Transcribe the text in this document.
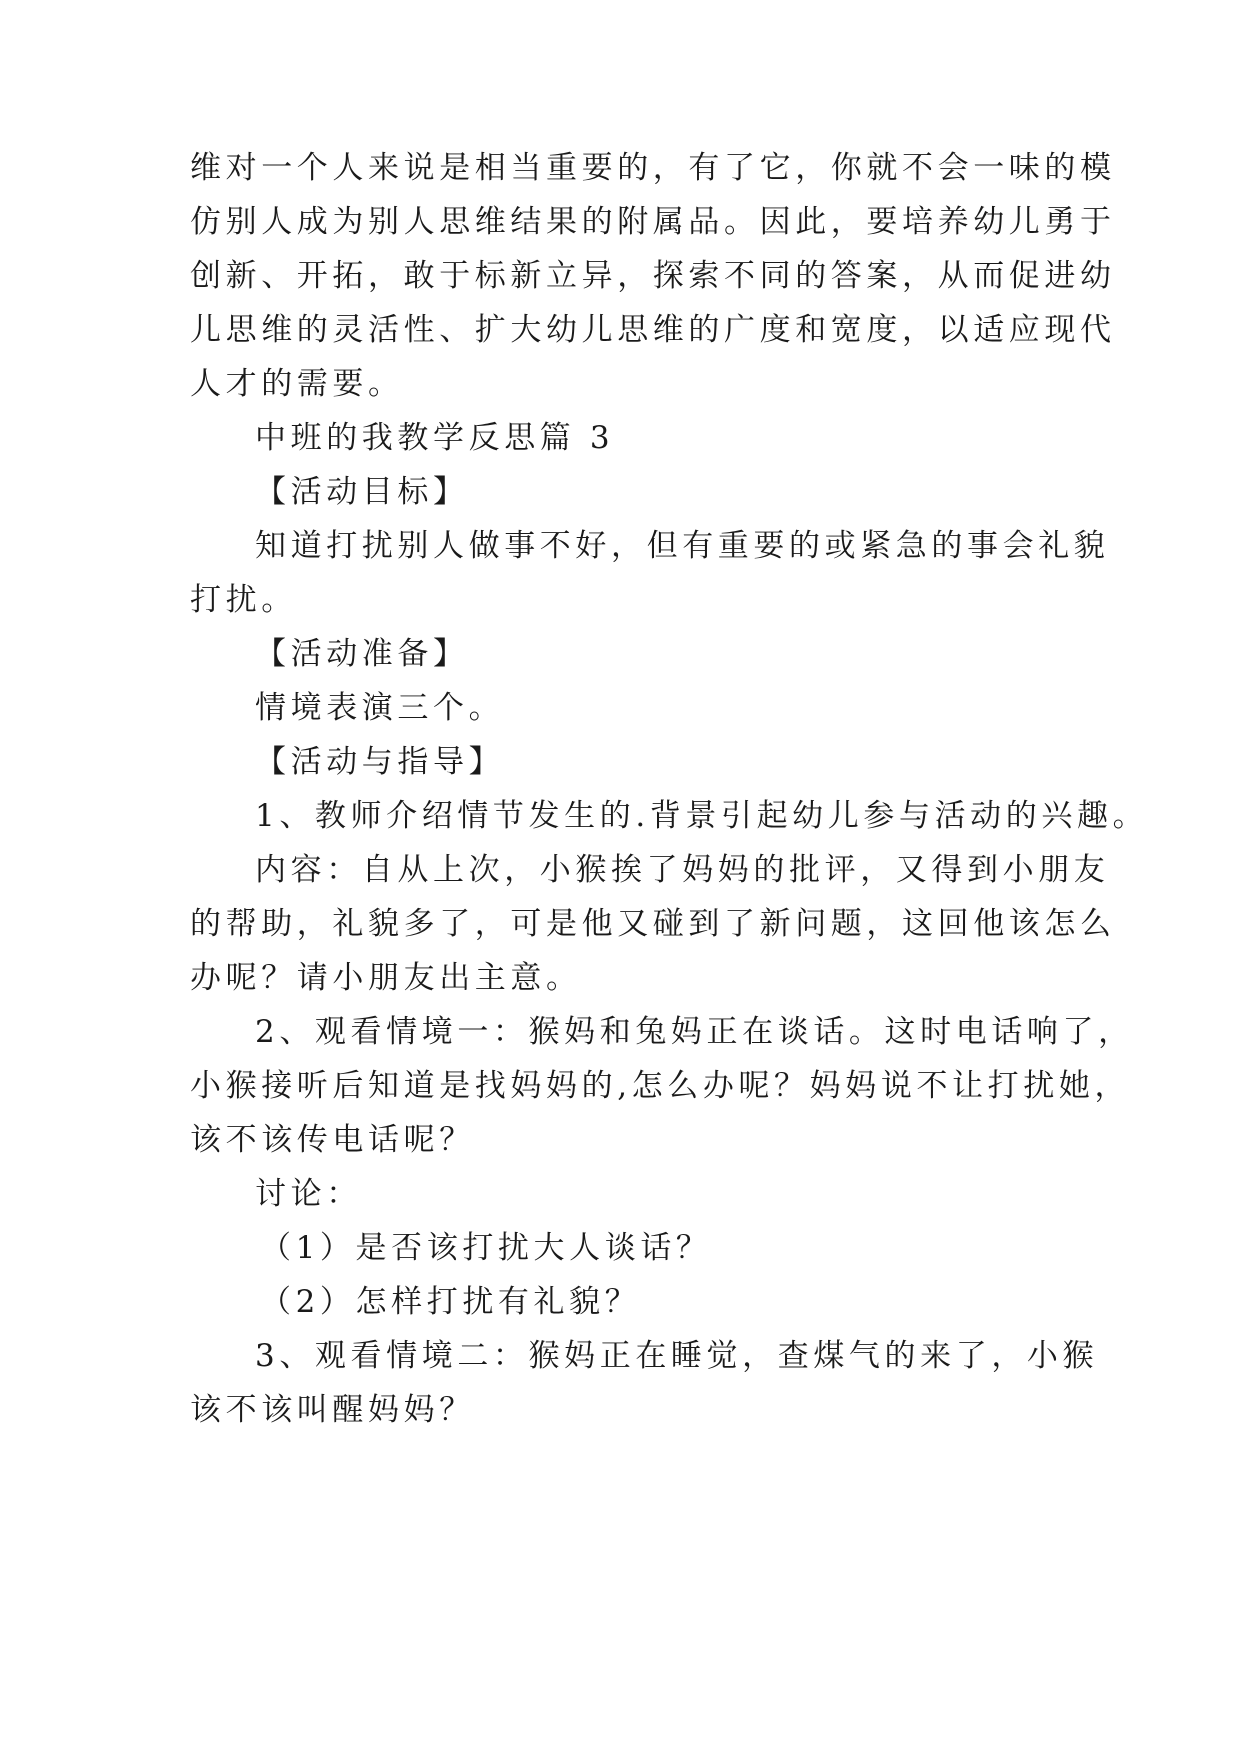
维对一个人来说是相当重要的，有了它，你就不会一味的模
仿别人成为别人思维结果的附属品。因此，要培养幼儿勇于
创新、开拓，敢于标新立异，探索不同的答案，从而促进幼
儿思维的灵活性、扩大幼儿思维的广度和宽度，以适应现代
人才的需要。
中班的我教学反思篇 3
【活动目标】
知道打扰别人做事不好，但有重要的或紧急的事会礼貌
打扰。
【活动准备】
情境表演三个。
【活动与指导】
1、教师介绍情节发生的.背景引起幼儿参与活动的兴趣。
内容：自从上次，小猴挨了妈妈的批评，又得到小朋友
的帮助，礼貌多了，可是他又碰到了新问题，这回他该怎么
办呢？请小朋友出主意。
2、观看情境一：猴妈和兔妈正在谈话。这时电话响了，
小猴接听后知道是找妈妈的,怎么办呢？妈妈说不让打扰她，
该不该传电话呢？
讨论：
（1）是否该打扰大人谈话？
（2）怎样打扰有礼貌？
3、观看情境二：猴妈正在睡觉，查煤气的来了，小猴
该不该叫醒妈妈？
